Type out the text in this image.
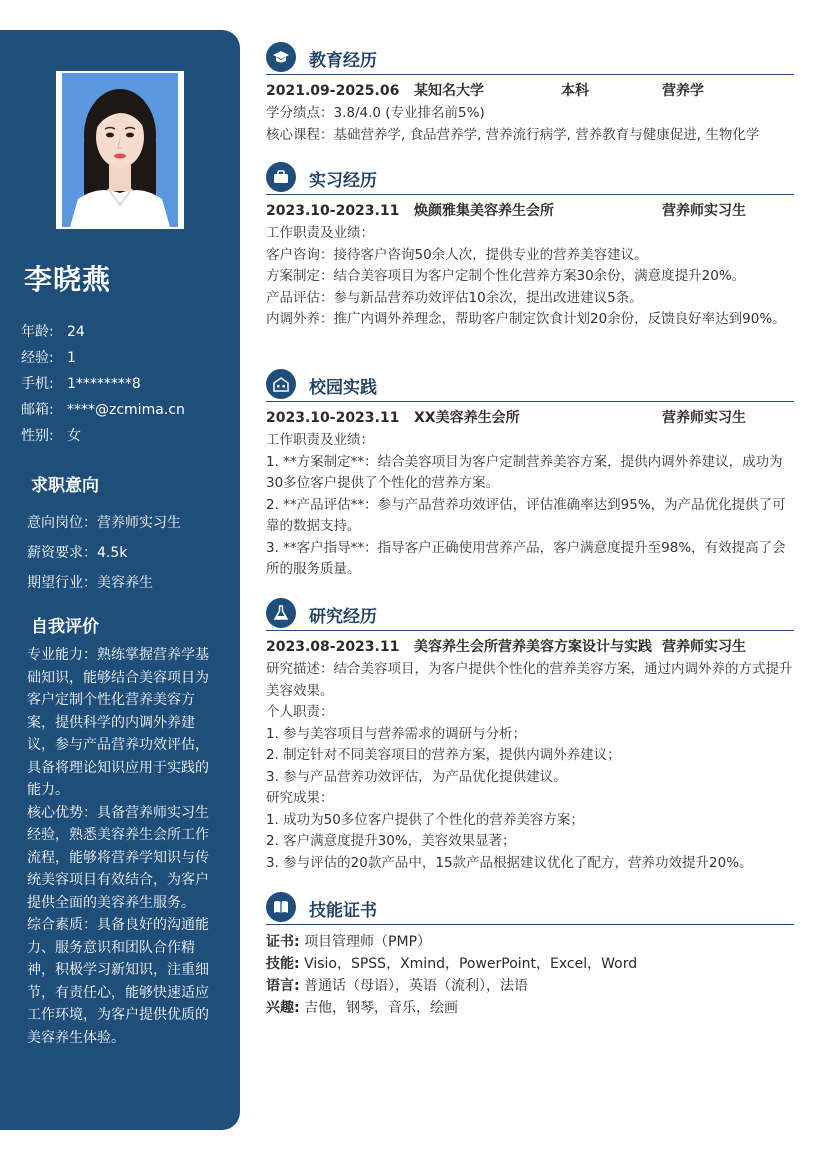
李晓燕
年龄: 24
经验: 1
手机: 1********8
邮箱: ****@zcmima.cn
性别: 女
求职意向
意向岗位：营养师实习生
薪资要求：4.5k
期望行业：美容养生
自我评价

专业能力：熟练掌握营养学基础知识，能够结合美容项目为客户定制个性化营养美容方案，提供科学的内调外养建议，参与产品营养功效评估，具备将理论知识应用于实践的能力。

核心优势：具备营养师实习生经验，熟悉美容养生会所工作流程，能够将营养学知识与传统美容项目有效结合，为客户提供全面的美容养生服务。

综合素质：具备良好的沟通能力、服务意识和团队合作精神，积极学习新知识，注重细节，有责任心，能够快速适应工作环境，为客户提供优质的美容养生体验。

教育经历
2021.09-2025.06 某知名大学	本科	营养学

学分绩点：3.8/4.0 (专业排名前5%)

核心课程：基础营养学, 食品营养学, 营养流行病学, 营养教育与健康促进, 生物化学

实习经历
2023.10-2023.11 焕颜雅集美容养生会所	营养师实习生

工作职责及业绩：

客户咨询：接待客户咨询50余人次，提供专业的营养美容建议。

方案制定：结合美容项目为客户定制个性化营养方案30余份，满意度提升20%。

产品评估：参与新品营养功效评估10余次，提出改进建议5条。

内调外养：推广内调外养理念，帮助客户制定饮食计划20余份，反馈良好率达到90%。

校园实践
2023.10-2023.11 XX美容养生会所	营养师实习生

工作职责及业绩：

1. **方案制定**：结合美容项目为客户定制营养美容方案，提供内调外养建议，成功为30多位客户提供了个性化的营养方案。

2. **产品评估**：参与产品营养功效评估，评估准确率达到95%，为产品优化提供了可靠的数据支持。

3. **客户指导**：指导客户正确使用营养产品，客户满意度提升至98%，有效提高了会所的服务质量。

研究经历
2023.08-2023.11 美容养生会所营养美容方案设计与实践 营养师实习生

研究描述：结合美容项目，为客户提供个性化的营养美容方案，通过内调外养的方式提升美容效果。

个人职责：

1. 参与美容项目与营养需求的调研与分析；

2. 制定针对不同美容项目的营养方案，提供内调外养建议；

3. 参与产品营养功效评估，为产品优化提供建议。

研究成果：

1. 成功为50多位客户提供了个性化的营养美容方案；

2. 客户满意度提升30%，美容效果显著；

3. 参与评估的20款产品中，15款产品根据建议优化了配方，营养功效提升20%。

技能证书
证书: 项目管理师（PMP）
技能: Visio，SPSS，Xmind，PowerPoint，Excel，Word
语言: 普通话（母语），英语（流利），法语
兴趣: 吉他，钢琴，音乐，绘画
